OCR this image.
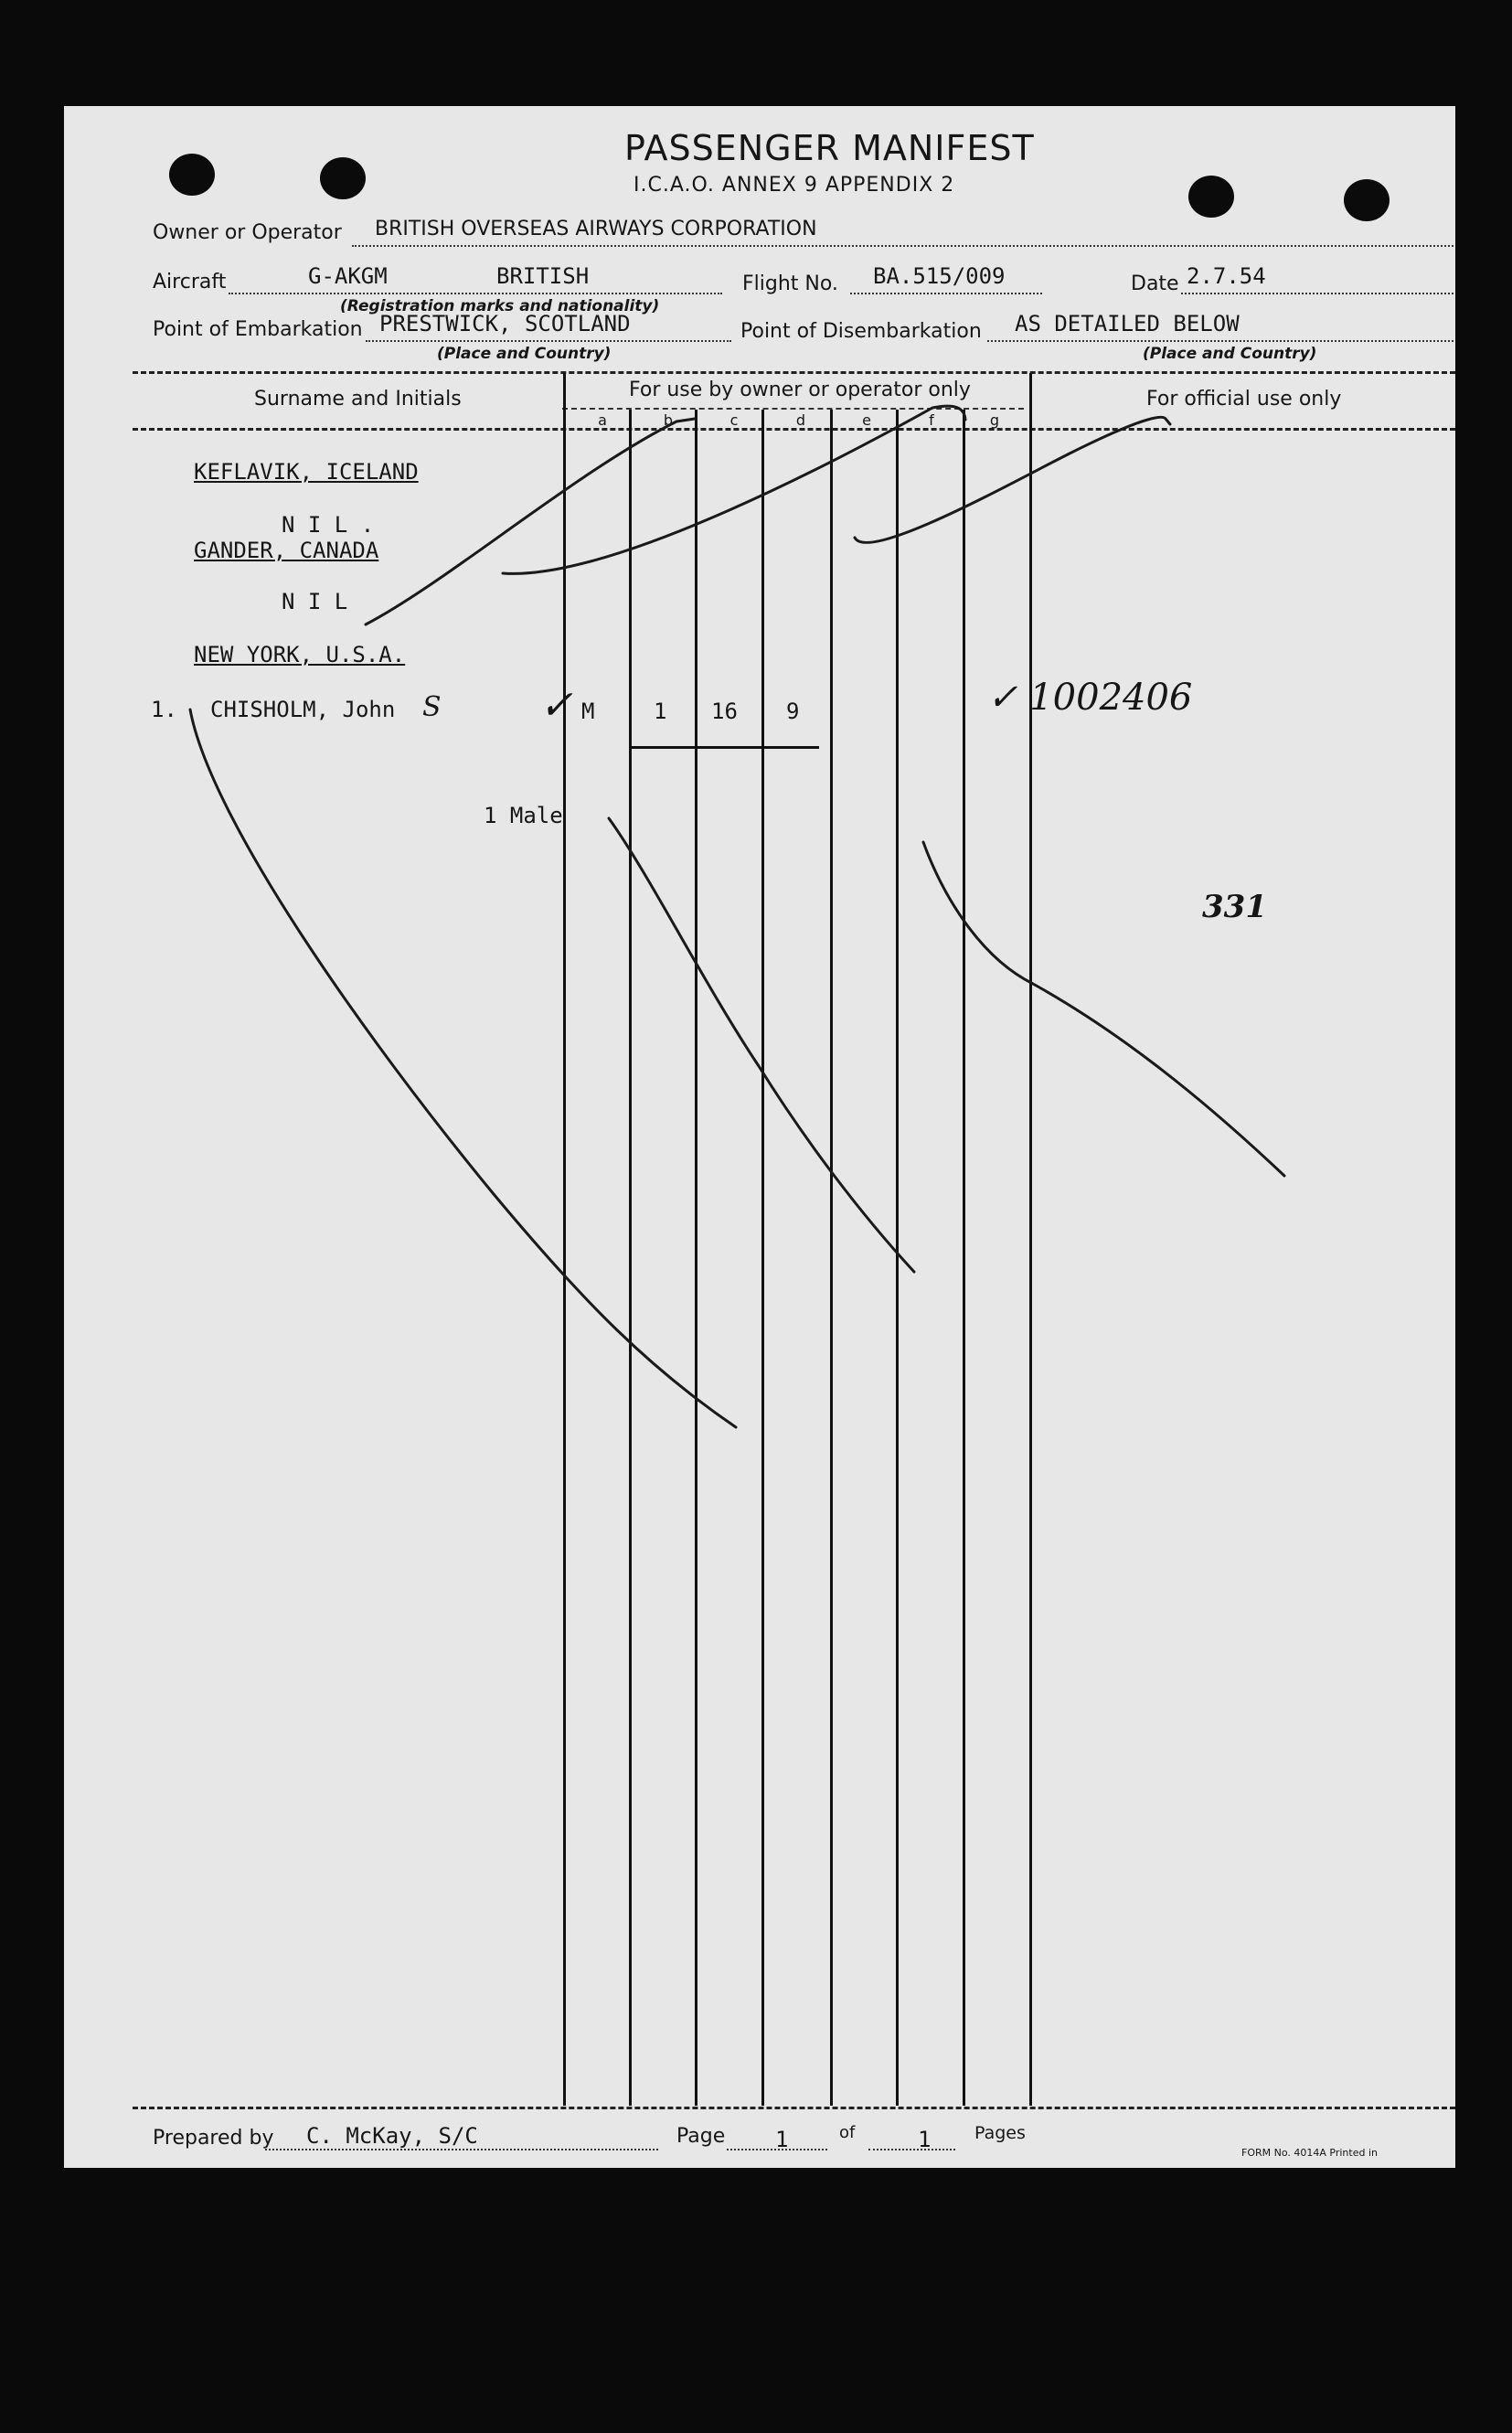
PASSENGER MANIFEST
I.C.A.O. ANNEX 9 APPENDIX 2
Owner or Operator BRITISH OVERSEAS AIRWAYS CORPORATION
Aircraft	G-AKGM	BRITISH
(Registration marks and nationality)
Flight No. BA.515/009	Date 2.7.54
Point of Embarkation PRESTWICK, SCOTLAND
(Place and Country)
Point of Disembarkation AS DETAILED BELOW
(Place and Country)
Surname and Initials	For use by owner or operator only	For official use only
a	b	c	d	e	f	g
KEFLAVIK, ICELAND
N I L .
GANDER, CANADA
N I L
NEW YORK, U.S.A.
1. CHISHOLM, John S ✓ M	1 16 9	✓ 1002406
1 Male
331
Prepared by C. McKay, S/C	Page 1	of	1	Pages
FORM No. 4014A Printed in
